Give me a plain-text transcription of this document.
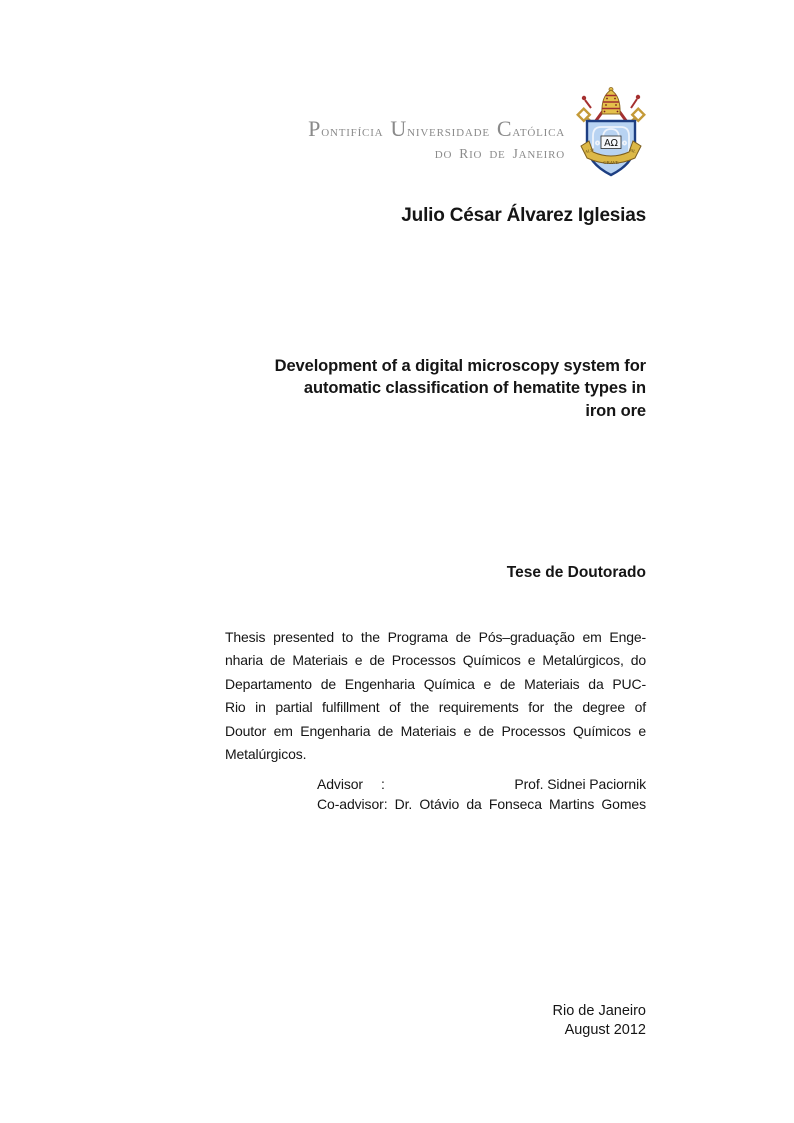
PONTIFÍCIA UNIVERSIDADE CATÓLICA
DO RIO DE JANEIRO
ΑΩ
ALIS
GRAVE
NIL
Julio César Álvarez Iglesias
Development of a digital microscopy system for
automatic classification of hematite types in
iron ore
Tese de Doutorado
Thesis presented to the Programa de Pós–graduação em Enge-
nharia de Materiais e de Processos Químicos e Metalúrgicos, do
Departamento de Engenharia Química e de Materiais da PUC-
Rio in partial fulfillment of the requirements for the degree of
Doutor em Engenharia de Materiais e de Processos Químicos e
Metalúrgicos.
Advisor :	Prof. Sidnei Paciornik
Co-advisor: Dr. Otávio da Fonseca Martins Gomes
Rio de Janeiro
August 2012
